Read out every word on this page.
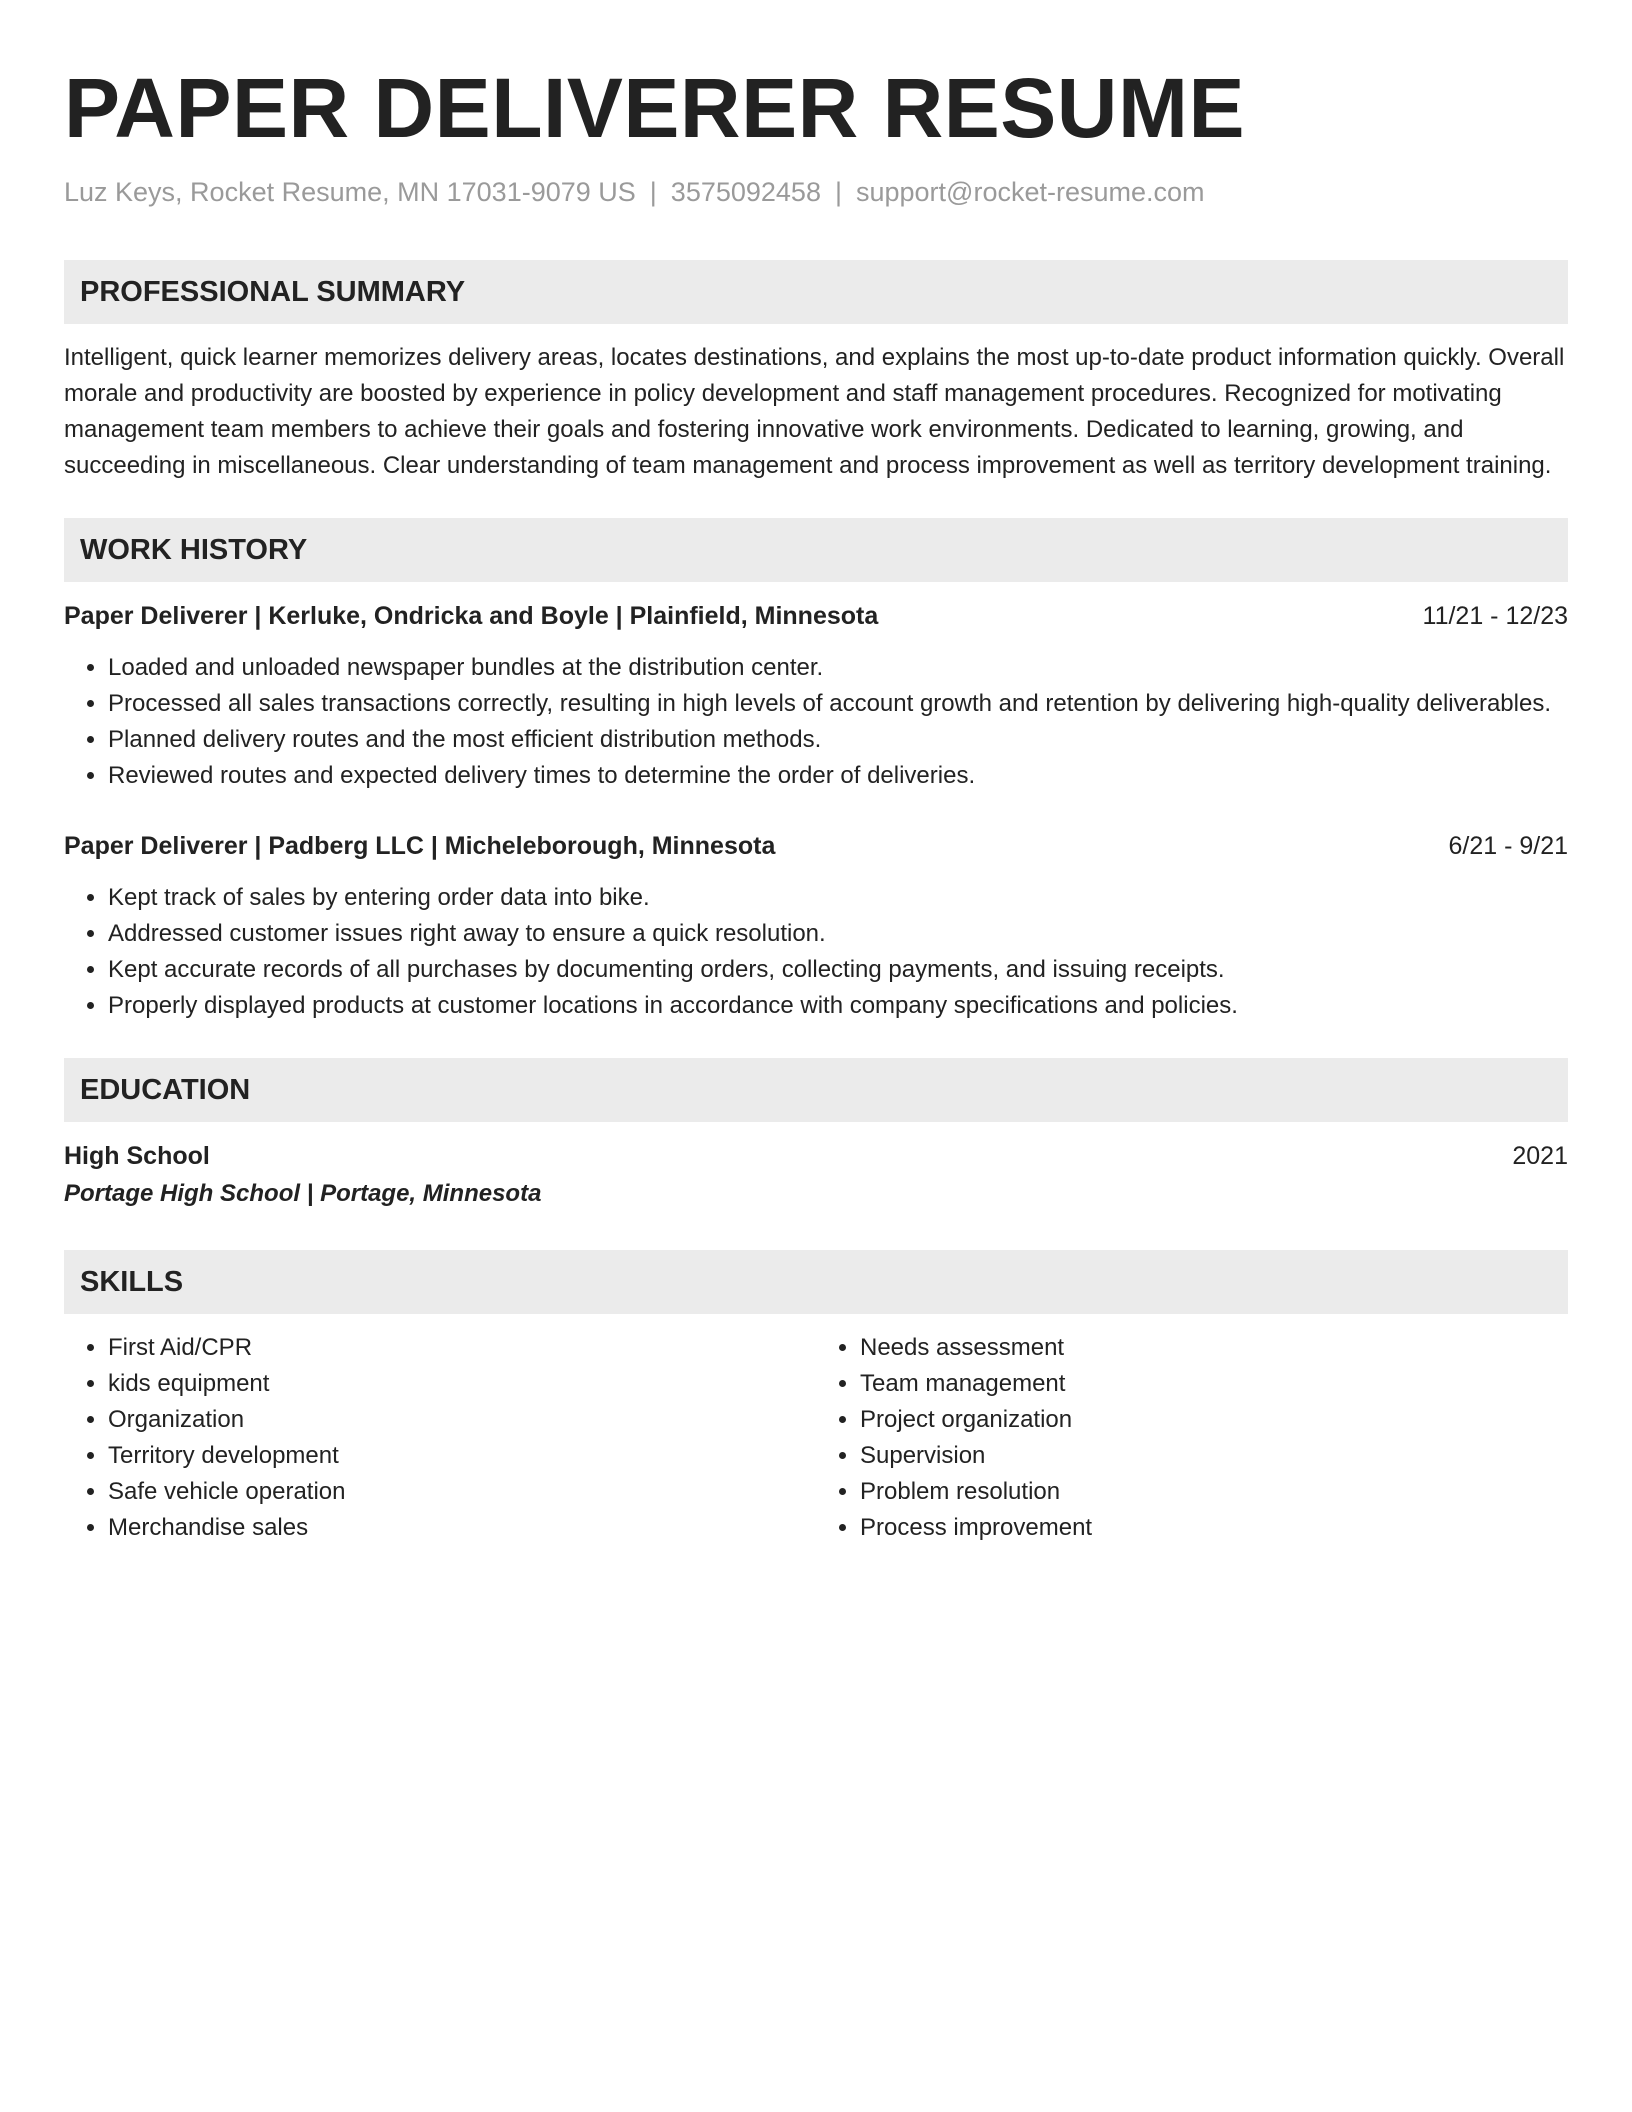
PAPER DELIVERER RESUME
Luz Keys, Rocket Resume, MN 17031-9079 US | 3575092458 | support@rocket-resume.com
PROFESSIONAL SUMMARY

Intelligent, quick learner memorizes delivery areas, locates destinations, and explains the most up-to-date product information quickly. Overall morale and productivity are boosted by experience in policy development and staff management procedures. Recognized for motivating management team members to achieve their goals and fostering innovative work environments. Dedicated to learning, growing, and succeeding in miscellaneous. Clear understanding of team management and process improvement as well as territory development training.

WORK HISTORY
Paper Deliverer | Kerluke, Ondricka and Boyle | Plainfield, Minnesota	11/21 - 12/23
• Loaded and unloaded newspaper bundles at the distribution center.
• Processed all sales transactions correctly, resulting in high levels of account growth and retention by delivering high-quality deliverables.
• Planned delivery routes and the most efficient distribution methods.
• Reviewed routes and expected delivery times to determine the order of deliveries.
Paper Deliverer | Padberg LLC | Micheleborough, Minnesota	6/21 - 9/21
• Kept track of sales by entering order data into bike.
• Addressed customer issues right away to ensure a quick resolution.
• Kept accurate records of all purchases by documenting orders, collecting payments, and issuing receipts.
• Properly displayed products at customer locations in accordance with company specifications and policies.
EDUCATION
High School	2021
Portage High School | Portage, Minnesota
SKILLS
• First Aid/CPR
• kids equipment
• Organization
• Territory development
• Safe vehicle operation
• Merchandise sales
• Needs assessment
• Team management
• Project organization
• Supervision
• Problem resolution
• Process improvement
